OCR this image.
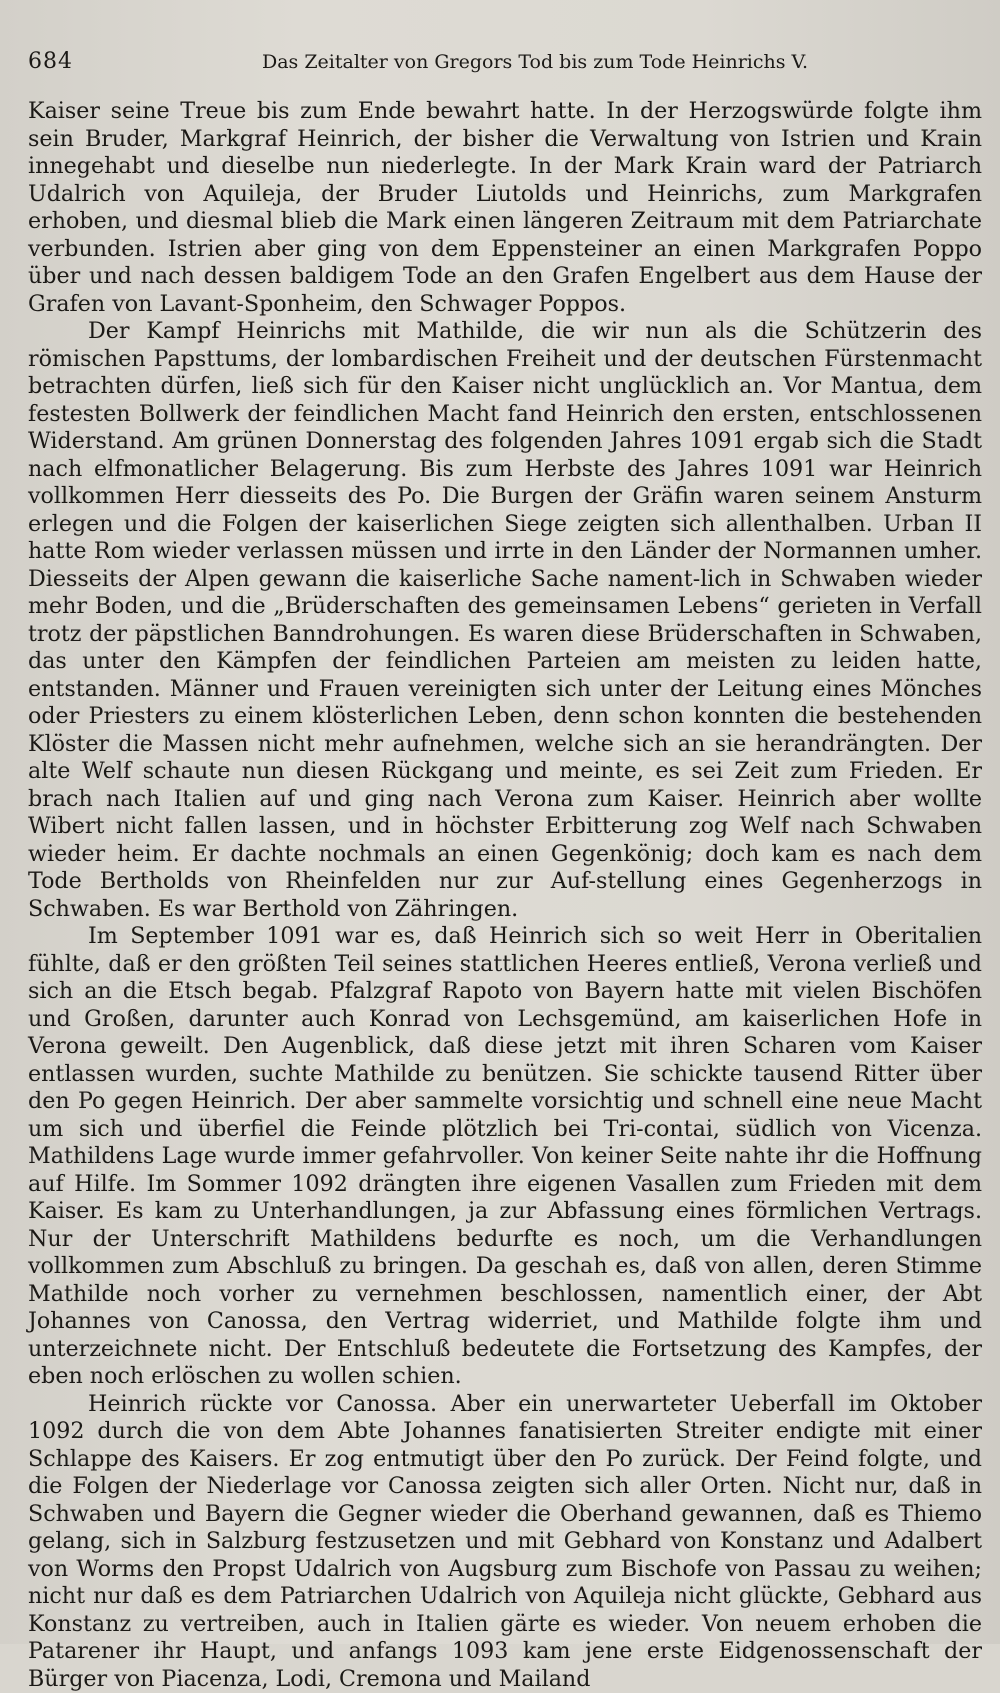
684	Das Zeitalter von Gregors Tod bis zum Tode Heinrichs V.

Kaiser seine Treue bis zum Ende bewahrt hatte. In der Herzogswürde folgte ihm sein Bruder, Markgraf Heinrich, der bisher die Verwaltung von Istrien und Krain innegehabt und dieselbe nun niederlegte. In der Mark Krain ward der Patriarch Udalrich von Aquileja, der Bruder Liutolds und Heinrichs, zum Markgrafen erhoben, und diesmal blieb die Mark einen längeren Zeitraum mit dem Patriarchate verbunden. Istrien aber ging von dem Eppensteiner an einen Markgrafen Poppo über und nach dessen baldigem Tode an den Grafen Engelbert aus dem Hause der Grafen von Lavant-Sponheim, den Schwager Poppos.

Der Kampf Heinrichs mit Mathilde, die wir nun als die Schützerin des römischen Papsttums, der lombardischen Freiheit und der deutschen Fürstenmacht betrachten dürfen, ließ sich für den Kaiser nicht unglücklich an. Vor Mantua, dem festesten Bollwerk der feindlichen Macht fand Heinrich den ersten, entschlossenen Widerstand. Am grünen Donnerstag des folgenden Jahres 1091 ergab sich die Stadt nach elfmonatlicher Belagerung. Bis zum Herbste des Jahres 1091 war Heinrich vollkommen Herr diesseits des Po. Die Burgen der Gräfin waren seinem Ansturm erlegen und die Folgen der kaiserlichen Siege zeigten sich allenthalben. Urban II hatte Rom wieder verlassen müssen und irrte in den Länder der Normannen umher. Diesseits der Alpen gewann die kaiserliche Sache nament-lich in Schwaben wieder mehr Boden, und die „Brüderschaften des gemeinsamen Lebens“ gerieten in Verfall trotz der päpstlichen Banndrohungen. Es waren diese Brüderschaften in Schwaben, das unter den Kämpfen der feindlichen Parteien am meisten zu leiden hatte, entstanden. Männer und Frauen vereinigten sich unter der Leitung eines Mönches oder Priesters zu einem klösterlichen Leben, denn schon konnten die bestehenden Klöster die Massen nicht mehr aufnehmen, welche sich an sie herandrängten. Der alte Welf schaute nun diesen Rückgang und meinte, es sei Zeit zum Frieden. Er brach nach Italien auf und ging nach Verona zum Kaiser. Heinrich aber wollte Wibert nicht fallen lassen, und in höchster Erbitterung zog Welf nach Schwaben wieder heim. Er dachte nochmals an einen Gegenkönig; doch kam es nach dem Tode Bertholds von Rheinfelden nur zur Auf-stellung eines Gegenherzogs in Schwaben. Es war Berthold von Zähringen.

Im September 1091 war es, daß Heinrich sich so weit Herr in Oberitalien fühlte, daß er den größten Teil seines stattlichen Heeres entließ, Verona verließ und sich an die Etsch begab. Pfalzgraf Rapoto von Bayern hatte mit vielen Bischöfen und Großen, darunter auch Konrad von Lechsgemünd, am kaiserlichen Hofe in Verona geweilt. Den Augenblick, daß diese jetzt mit ihren Scharen vom Kaiser entlassen wurden, suchte Mathilde zu benützen. Sie schickte tausend Ritter über den Po gegen Heinrich. Der aber sammelte vorsichtig und schnell eine neue Macht um sich und überfiel die Feinde plötzlich bei Tri-contai, südlich von Vicenza. Mathildens Lage wurde immer gefahrvoller. Von keiner Seite nahte ihr die Hoffnung auf Hilfe. Im Sommer 1092 drängten ihre eigenen Vasallen zum Frieden mit dem Kaiser. Es kam zu Unterhandlungen, ja zur Abfassung eines förmlichen Vertrags. Nur der Unterschrift Mathildens bedurfte es noch, um die Verhandlungen vollkommen zum Abschluß zu bringen. Da geschah es, daß von allen, deren Stimme Mathilde noch vorher zu vernehmen beschlossen, namentlich einer, der Abt Johannes von Canossa, den Vertrag widerriet, und Mathilde folgte ihm und unterzeichnete nicht. Der Entschluß bedeutete die Fortsetzung des Kampfes, der eben noch erlöschen zu wollen schien.

Heinrich rückte vor Canossa. Aber ein unerwarteter Ueberfall im Oktober 1092 durch die von dem Abte Johannes fanatisierten Streiter endigte mit einer Schlappe des Kaisers. Er zog entmutigt über den Po zurück. Der Feind folgte, und die Folgen der Niederlage vor Canossa zeigten sich aller Orten. Nicht nur, daß in Schwaben und Bayern die Gegner wieder die Oberhand gewannen, daß es Thiemo gelang, sich in Salzburg festzusetzen und mit Gebhard von Konstanz und Adalbert von Worms den Propst Udalrich von Augsburg zum Bischofe von Passau zu weihen; nicht nur daß es dem Patriarchen Udalrich von Aquileja nicht glückte, Gebhard aus Konstanz zu vertreiben, auch in Italien gärte es wieder. Von neuem erhoben die Patarener ihr Haupt, und anfangs 1093 kam jene erste Eidgenossenschaft der Bürger von Piacenza, Lodi, Cremona und Mailand
